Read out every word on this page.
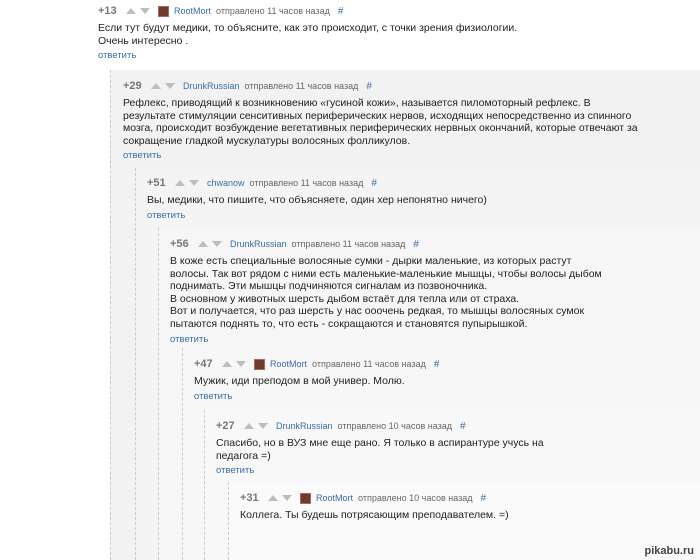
+13	RootMort отправлено 11 часов назад #
Если тут будут медики, то объясните, как это происходит, с точки зрения физиологии.
Очень интересно .
ответить
+29	DrunkRussian отправлено 11 часов назад #
Рефлекс, приводящий к возникновению «гусиной кожи», называется пиломоторный рефлекс. В
результате стимуляции сенситивных периферических нервов, исходящих непосредственно из спинного
мозга, происходит возбуждение вегетативных периферических нервных окончаний, которые отвечают за
сокращение гладкой мускулатуры волосяных фолликулов.
ответить
+51	chwanow отправлено 11 часов назад #
Вы, медики, что пишите, что объясняете, один хер непонятно ничего)
ответить
+56	DrunkRussian отправлено 11 часов назад #
В коже есть специальные волосяные сумки - дырки маленькие, из которых растут
волосы. Так вот рядом с ними есть маленькие-маленькие мышцы, чтобы волосы дыбом
поднимать. Эти мышцы подчиняются сигналам из позвоночника.
В основном у животных шерсть дыбом встаёт для тепла или от страха.
Вот и получается, что раз шерсть у нас ооочень редкая, то мышцы волосяных сумок
пытаются поднять то, что есть - сокращаются и становятся пупырышкой.
ответить
+47	RootMort отправлено 11 часов назад #
Мужик, иди преподом в мой универ. Молю.
ответить
+27	DrunkRussian отправлено 10 часов назад #
Спасибо, но в ВУЗ мне еще рано. Я только в аспирантуре учусь на
педагога =)
ответить
+31	RootMort отправлено 10 часов назад #
Коллега. Ты будешь потрясающим преподавателем. =)
pikabu.ru
